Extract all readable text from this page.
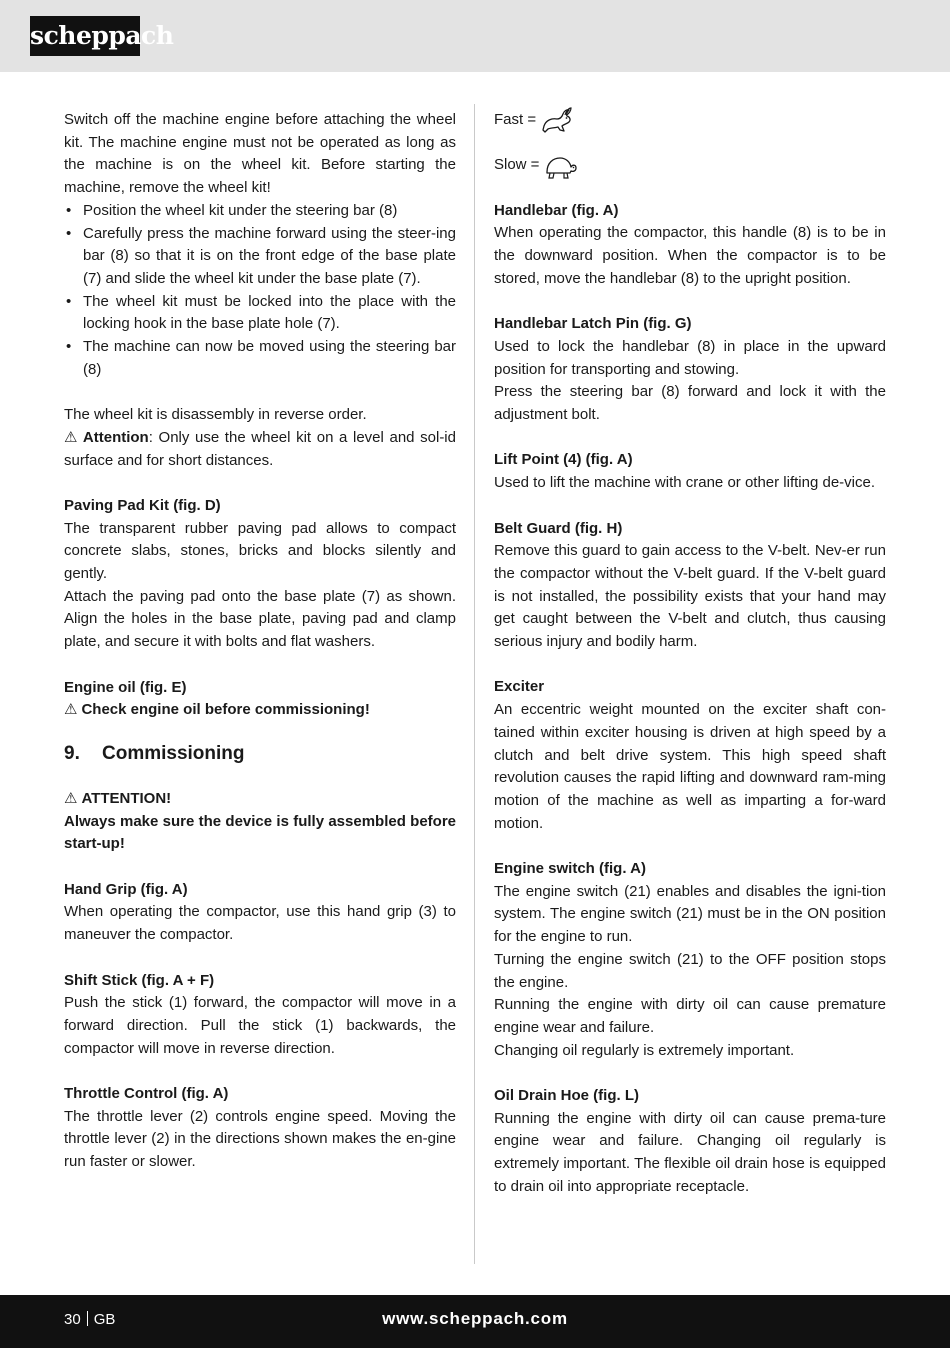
scheppach

Switch off the machine engine before attaching the wheel kit. The machine engine must not be operated as long as the machine is on the wheel kit. Before starting the machine, remove the wheel kit!

• Position the wheel kit under the steering bar (8)
• Carefully press the machine forward using the steer-ing bar (8) so that it is on the front edge of the base plate (7) and slide the wheel kit under the base plate (7).
• The wheel kit must be locked into the place with the locking hook in the base plate hole (7).
• The machine can now be moved using the steering bar (8)

The wheel kit is disassembly in reverse order.

⚠ Attention: Only use the wheel kit on a level and sol-id surface and for short distances.

Paving Pad Kit (fig. D)

The transparent rubber paving pad allows to compact concrete slabs, stones, bricks and blocks silently and gently.

Attach the paving pad onto the base plate (7) as shown. Align the holes in the base plate, paving pad and clamp plate, and secure it with bolts and flat washers.

Engine oil (fig. E)

⚠ Check engine oil before commissioning!

9. Commissioning

⚠ ATTENTION!

Always make sure the device is fully assembled before start-up!

Hand Grip (fig. A)

When operating the compactor, use this hand grip (3) to maneuver the compactor.

Shift Stick (fig. A + F)

Push the stick (1) forward, the compactor will move in a forward direction. Pull the stick (1) backwards, the compactor will move in reverse direction.

Throttle Control (fig. A)

The throttle lever (2) controls engine speed. Moving the throttle lever (2) in the directions shown makes the en-gine run faster or slower.

Fast =
Slow =

Handlebar (fig. A)

When operating the compactor, this handle (8) is to be in the downward position. When the compactor is to be stored, move the handlebar (8) to the upright position.

Handlebar Latch Pin (fig. G)

Used to lock the handlebar (8) in place in the upward position for transporting and stowing.

Press the steering bar (8) forward and lock it with the adjustment bolt.

Lift Point (4) (fig. A)

Used to lift the machine with crane or other lifting de-vice.

Belt Guard (fig. H)

Remove this guard to gain access to the V-belt. Nev-er run the compactor without the V-belt guard. If the V-belt guard is not installed, the possibility exists that your hand may get caught between the V-belt and clutch, thus causing serious injury and bodily harm.

Exciter

An eccentric weight mounted on the exciter shaft con-tained within exciter housing is driven at high speed by a clutch and belt drive system. This high speed shaft revolution causes the rapid lifting and downward ram-ming motion of the machine as well as imparting a for-ward motion.

Engine switch (fig. A)

The engine switch (21) enables and disables the igni-tion system. The engine switch (21) must be in the ON position for the engine to run.

Turning the engine switch (21) to the OFF position stops the engine.

Running the engine with dirty oil can cause premature engine wear and failure.

Changing oil regularly is extremely important.

Oil Drain Hoe (fig. L)

Running the engine with dirty oil can cause prema-ture engine wear and failure. Changing oil regularly is extremely important. The flexible oil drain hose is equipped to drain oil into appropriate receptacle.

30 GB	www.scheppach.com
